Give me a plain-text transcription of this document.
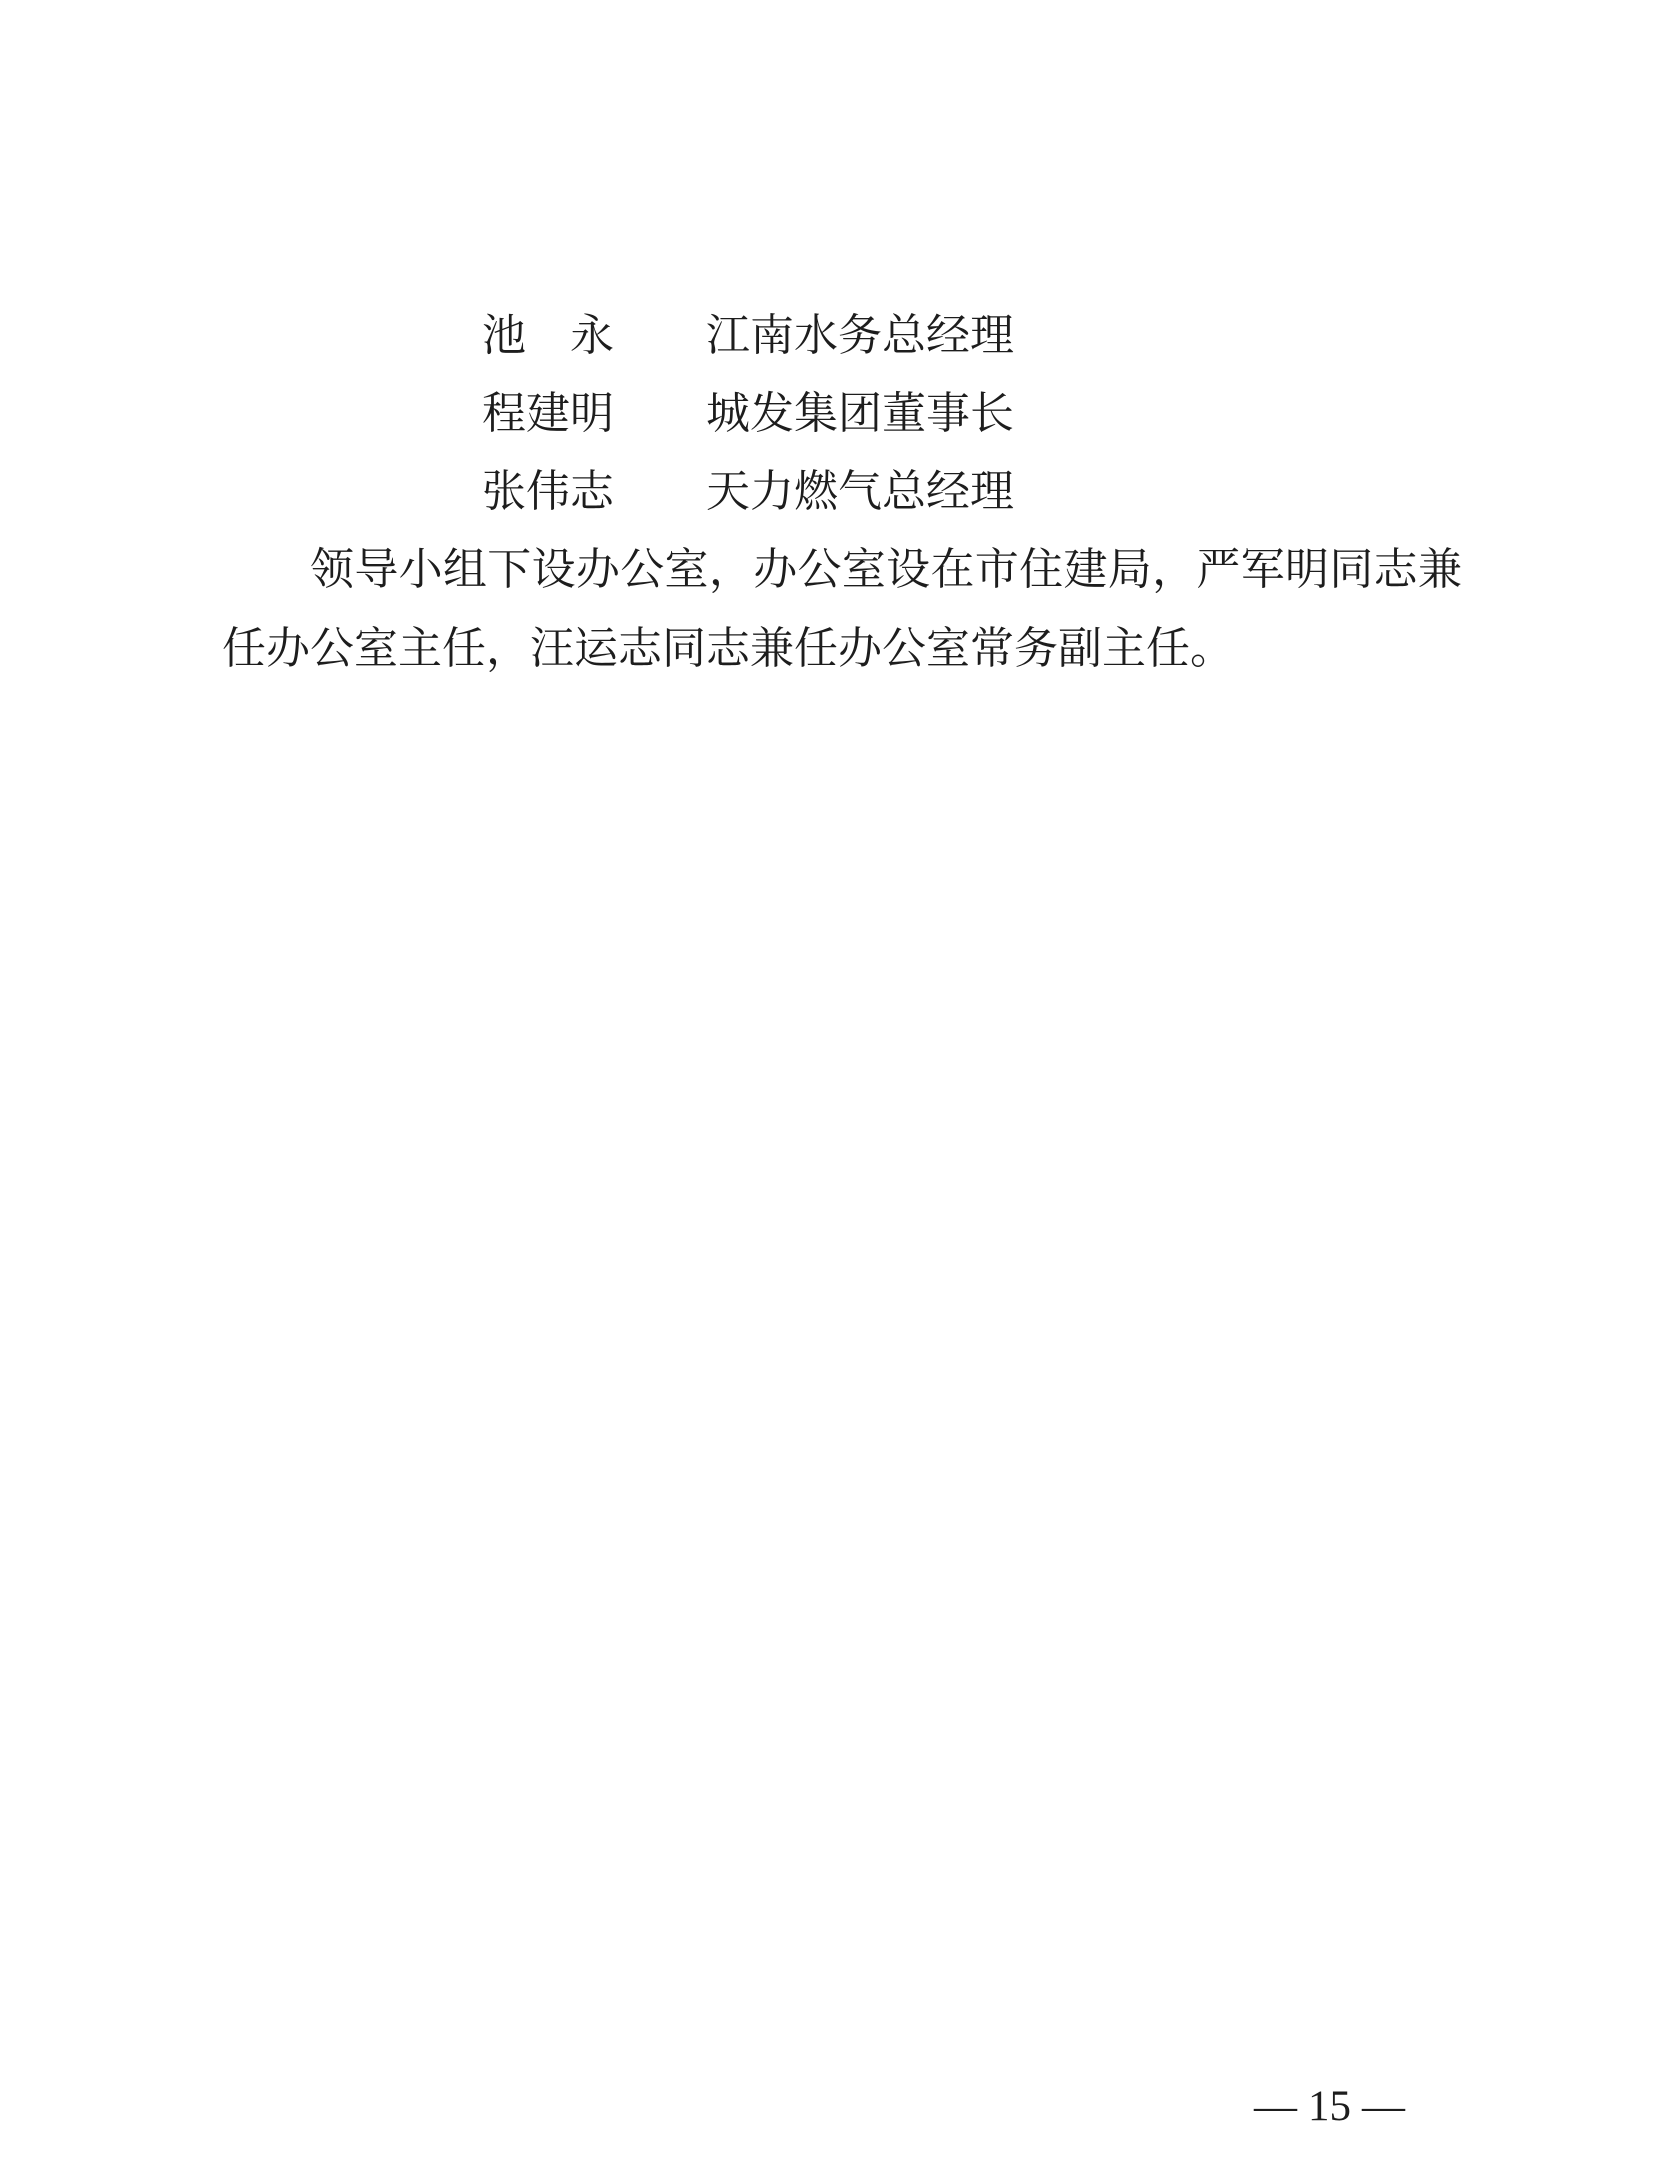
池　永 江南水务总经理
程建明 城发集团董事长
张伟志 天力燃气总经理

领导小组下设办公室，办公室设在市住建局，严军明同志兼任办公室主任，汪运志同志兼任办公室常务副主任。

— 15 —
